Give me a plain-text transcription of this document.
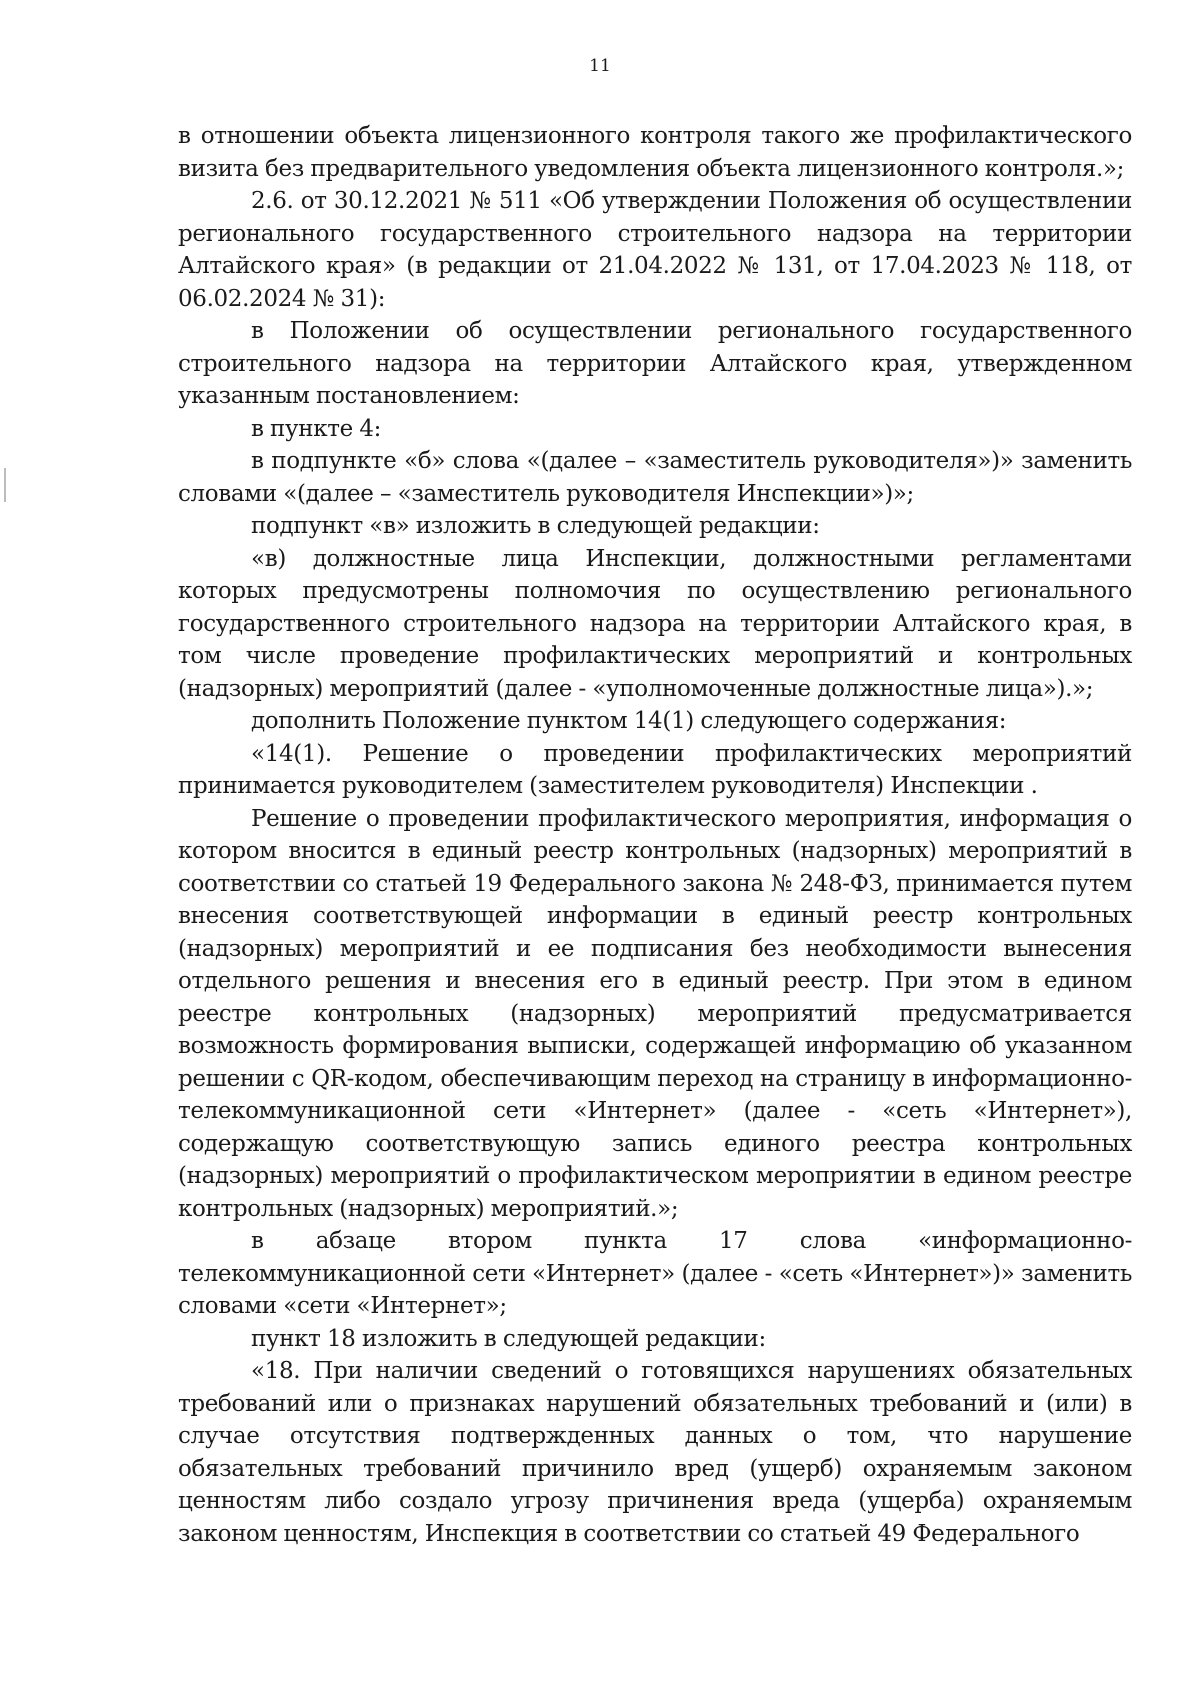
11

в отношении объекта лицензионного контроля такого же профилактического визита без предварительного уведомления объекта лицензионного контроля.»;

2.6. от 30.12.2021 № 511 «Об утверждении Положения об осуществлении регионального государственного строительного надзора на территории Алтайского края» (в редакции от 21.04.2022 № 131, от 17.04.2023 № 118, от 06.02.2024 № 31):

в Положении об осуществлении регионального государственного строительного надзора на территории Алтайского края, утвержденном указанным постановлением:

в пункте 4:

в подпункте «б» слова «(далее – «заместитель руководителя»)» заменить словами «(далее – «заместитель руководителя Инспекции»)»;

подпункт «в» изложить в следующей редакции:

«в) должностные лица Инспекции, должностными регламентами которых предусмотрены полномочия по осуществлению регионального государственного строительного надзора на территории Алтайского края, в том числе проведение профилактических мероприятий и контрольных (надзорных) мероприятий (далее - «уполномоченные должностные лица»).»;

дополнить Положение пунктом 14(1) следующего содержания:

«14(1). Решение о проведении профилактических мероприятий принимается руководителем (заместителем руководителя) Инспекции .

Решение о проведении профилактического мероприятия, информация о котором вносится в единый реестр контрольных (надзорных) мероприятий в соответствии со статьей 19 Федерального закона № 248-ФЗ, принимается путем внесения соответствующей информации в единый реестр контрольных (надзорных) мероприятий и ее подписания без необходимости вынесения отдельного решения и внесения его в единый реестр. При этом в едином реестре контрольных (надзорных) мероприятий предусматривается возможность формирования выписки, содержащей информацию об указанном решении с QR-кодом, обеспечивающим переход на страницу в информационно-телекоммуникационной сети «Интернет» (далее - «сеть «Интернет»), содержащую соответствующую запись единого реестра контрольных (надзорных) мероприятий о профилактическом мероприятии в едином реестре контрольных (надзорных) мероприятий.»;

в абзаце втором пункта 17 слова «информационно-телекоммуникационной сети «Интернет» (далее - «сеть «Интернет»)» заменить словами «сети «Интернет»;

пункт 18 изложить в следующей редакции:

«18. При наличии сведений о готовящихся нарушениях обязательных требований или о признаках нарушений обязательных требований и (или) в случае отсутствия подтвержденных данных о том, что нарушение обязательных требований причинило вред (ущерб) охраняемым законом ценностям либо создало угрозу причинения вреда (ущерба) охраняемым законом ценностям, Инспекция в соответствии со статьей 49 Федерального
